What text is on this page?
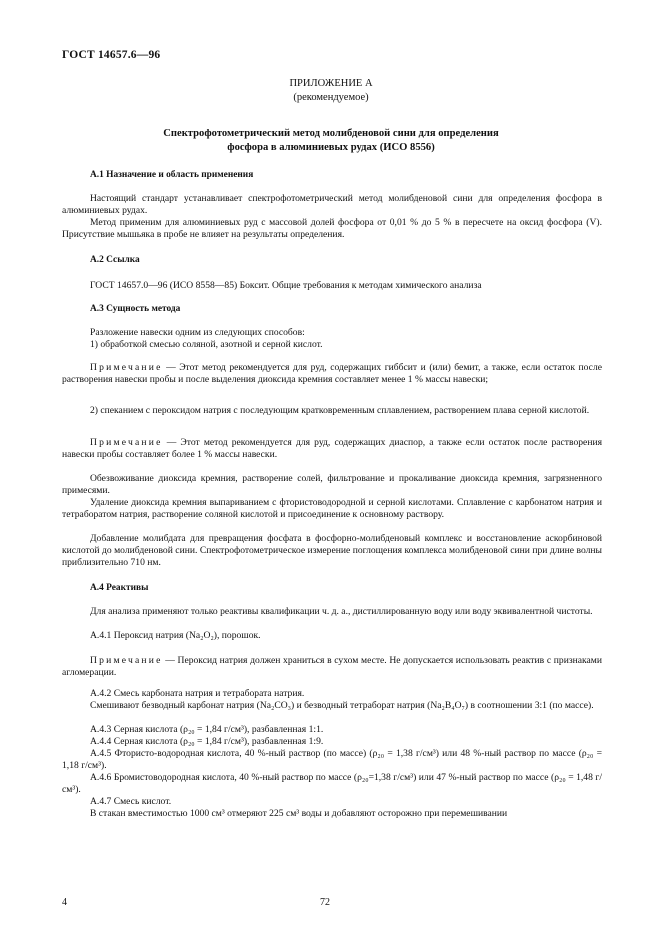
ГОСТ 14657.6—96
ПРИЛОЖЕНИЕ А
(рекомендуемое)
Спектрофотометрический метод молибденовой сини для определения
фосфора в алюминиевых рудах (ИСО 8556)
А.1 Назначение и область применения
Настоящий стандарт устанавливает спектрофотометрический метод молибденовой сини для определения фосфора в алюминиевых рудах.
Метод применим для алюминиевых руд с массовой долей фосфора от 0,01 % до 5 % в пересчете на оксид фосфора (V). Присутствие мышьяка в пробе не влияет на результаты определения.
А.2 Ссылка
ГОСТ 14657.0—96 (ИСО 8558—85) Боксит. Общие требования к методам химического анализа
А.3 Сущность метода
Разложение навески одним из следующих способов:
1) обработкой смесью соляной, азотной и серной кислот.
Примечание — Этот метод рекомендуется для руд, содержащих гиббсит и (или) бемит, а также, если остаток после растворения навески пробы и после выделения диоксида кремния составляет менее 1 % массы навески;
2) спеканием с пероксидом натрия с последующим кратковременным сплавлением, растворением плава серной кислотой.
Примечание — Этот метод рекомендуется для руд, содержащих диаспор, а также если остаток после растворения навески пробы составляет более 1 % массы навески.
Обезвоживание диоксида кремния, растворение солей, фильтрование и прокаливание диоксида кремния, загрязненного примесями.
Удаление диоксида кремния выпариванием с фтористоводородной и серной кислотами. Сплавление с карбонатом натрия и тетраборатом натрия, растворение соляной кислотой и присоединение к основному раствору.
Добавление молибдата для превращения фосфата в фосфорно-молибденовый комплекс и восстановление аскорбиновой кислотой до молибденовой сини. Спектрофотометрическое измерение поглощения комплекса молибденовой сини при длине волны приблизительно 710 нм.
А.4 Реактивы
Для анализа применяют только реактивы квалификации ч. д. а., дистиллированную воду или воду эквивалентной чистоты.
А.4.1 Пероксид натрия (Na₂O₂), порошок.
Примечание — Пероксид натрия должен храниться в сухом месте. Не допускается использовать реактив с признаками агломерации.
А.4.2 Смесь карбоната натрия и тетрабората натрия.
Смешивают безводный карбонат натрия (Na₂CO₃) и безводный тетраборат натрия (Na₂B₄O₇) в соотношении 3:1 (по массе).
А.4.3 Серная кислота (ρ₂₀ = 1,84 г/см³), разбавленная 1:1.
А.4.4 Серная кислота (ρ₂₀ = 1,84 г/см³), разбавленная 1:9.
А.4.5 Фтористо-водородная кислота, 40 %-ный раствор (по массе) (ρ₂₀ = 1,38 г/см³) или 48 %-ный раствор по массе (ρ₂₀ = 1,18 г/см³).
А.4.6 Бромистоводородная кислота, 40 %-ный раствор по массе (ρ₂₀=1,38 г/см³) или 47 %-ный раствор по массе (ρ₂₀ = 1,48 г/см³).
А.4.7 Смесь кислот.
В стакан вместимостью 1000 см³ отмеряют 225 см³ воды и добавляют осторожно при перемешивании
4	72
